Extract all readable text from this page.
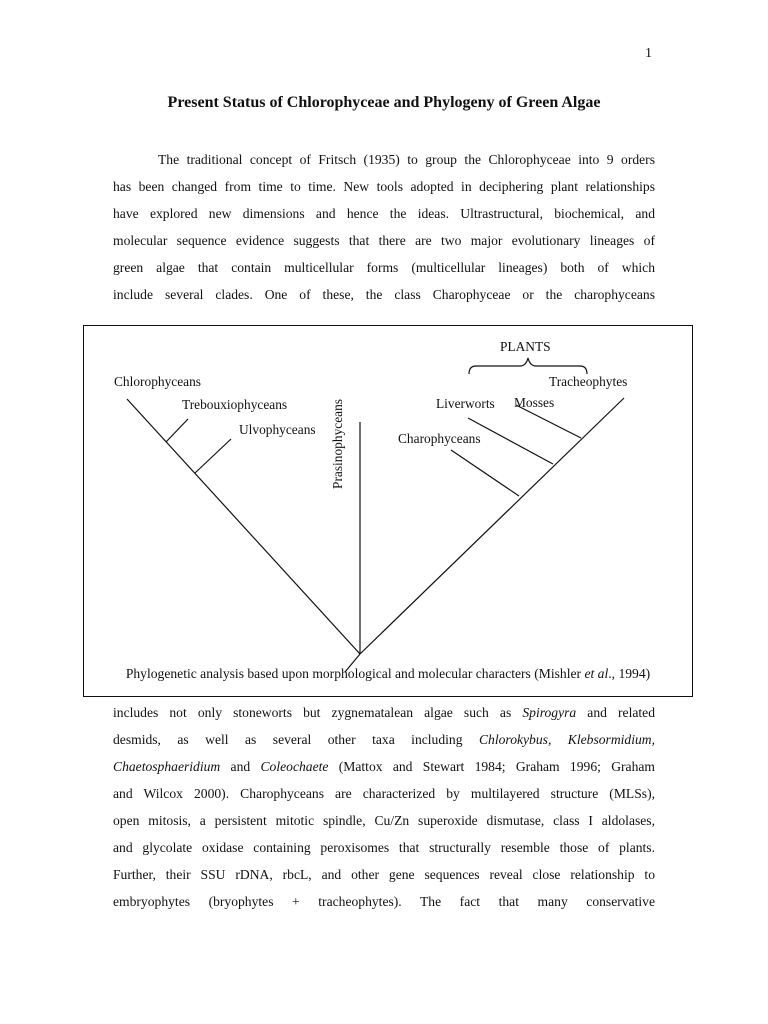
1
Present Status of Chlorophyceae and Phylogeny of Green Algae
The traditional concept of Fritsch (1935) to group the Chlorophyceae into 9 orders
has been changed from time to time. New tools adopted in deciphering plant relationships
have explored new dimensions and hence the ideas. Ultrastructural, biochemical, and
molecular sequence evidence suggests that there are two major evolutionary lineages of
green algae that contain multicellular forms (multicellular lineages) both of which
include several clades. One of these, the class Charophyceae or the charophyceans
PLANTS
Chlorophyceans
Trebouxiophyceans
Ulvophyceans Prasinophyceans	Liverworts Mosses
Tracheophytes
Charophyceans
Phylogenetic analysis based upon morphological and molecular characters (Mishler et al., 1994)
includes not only stoneworts but zygnematalean algae such as Spirogyra and related
desmids, as well as several other taxa including Chlorokybus, Klebsormidium,
Chaetosphaeridium and Coleochaete (Mattox and Stewart 1984; Graham 1996; Graham
and Wilcox 2000). Charophyceans are characterized by multilayered structure (MLSs),
open mitosis, a persistent mitotic spindle, Cu/Zn superoxide dismutase, class I aldolases,
and glycolate oxidase containing peroxisomes that structurally resemble those of plants.
Further, their SSU rDNA, rbcL, and other gene sequences reveal close relationship to
embryophytes (bryophytes + tracheophytes). The fact that many conservative
